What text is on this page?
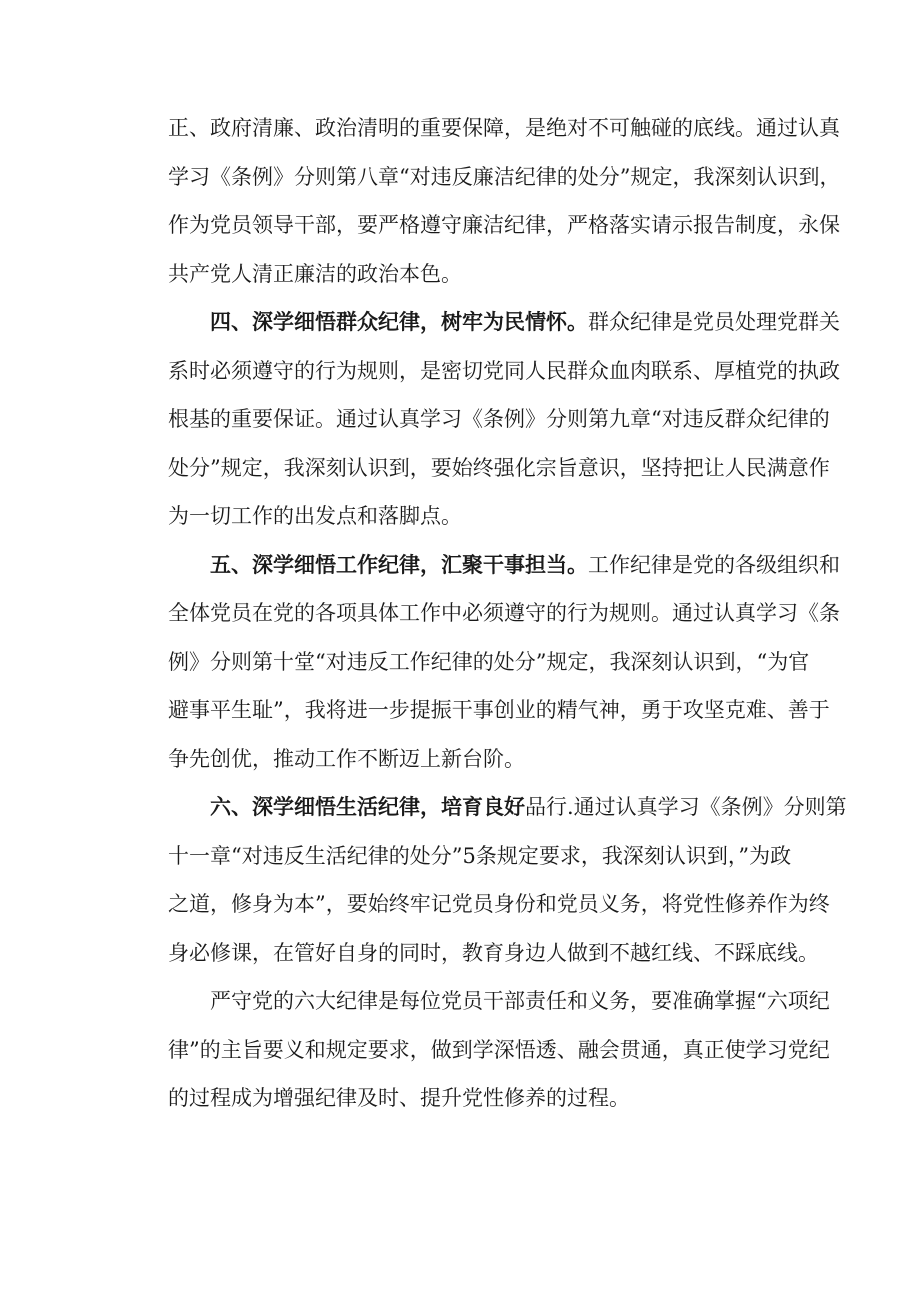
正、政府清廉、政治清明的重要保障，是绝对不可触碰的底线。通过认真
学习《条例》分则第八章“对违反廉洁纪律的处分”规定，我深刻认识到，
作为党员领导干部，要严格遵守廉洁纪律，严格落实请示报告制度，永保
共产党人清正廉洁的政治本色。

四、深学细悟群众纪律，树牢为民情怀。群众纪律是党员处理党群关
系时必须遵守的行为规则，是密切党同人民群众血肉联系、厚植党的执政
根基的重要保证。通过认真学习《条例》分则第九章“对违反群众纪律的
处分”规定，我深刻认识到，要始终强化宗旨意识，坚持把让人民满意作
为一切工作的出发点和落脚点。

五、深学细悟工作纪律，汇聚干事担当。工作纪律是党的各级组织和
全体党员在党的各项具体工作中必须遵守的行为规则。通过认真学习《条
例》分则第十堂“对违反工作纪律的处分”规定，我深刻认识到，“为官
避事平生耻”，我将进一步提振干事创业的精气神，勇于攻坚克难、善于
争先创优，推动工作不断迈上新台阶。

六、深学细悟生活纪律，培育良好品行.通过认真学习《条例》分则第
十一章“对违反生活纪律的处分”5条规定要求，我深刻认识到，”为政
之道，修身为本”，要始终牢记党员身份和党员义务，将党性修养作为终
身必修课，在管好自身的同时，教育身边人做到不越红线、不踩底线。

严守党的六大纪律是每位党员干部责任和义务，要准确掌握“六项纪
律”的主旨要义和规定要求，做到学深悟透、融会贯通，真正使学习党纪
的过程成为增强纪律及时、提升党性修养的过程。
